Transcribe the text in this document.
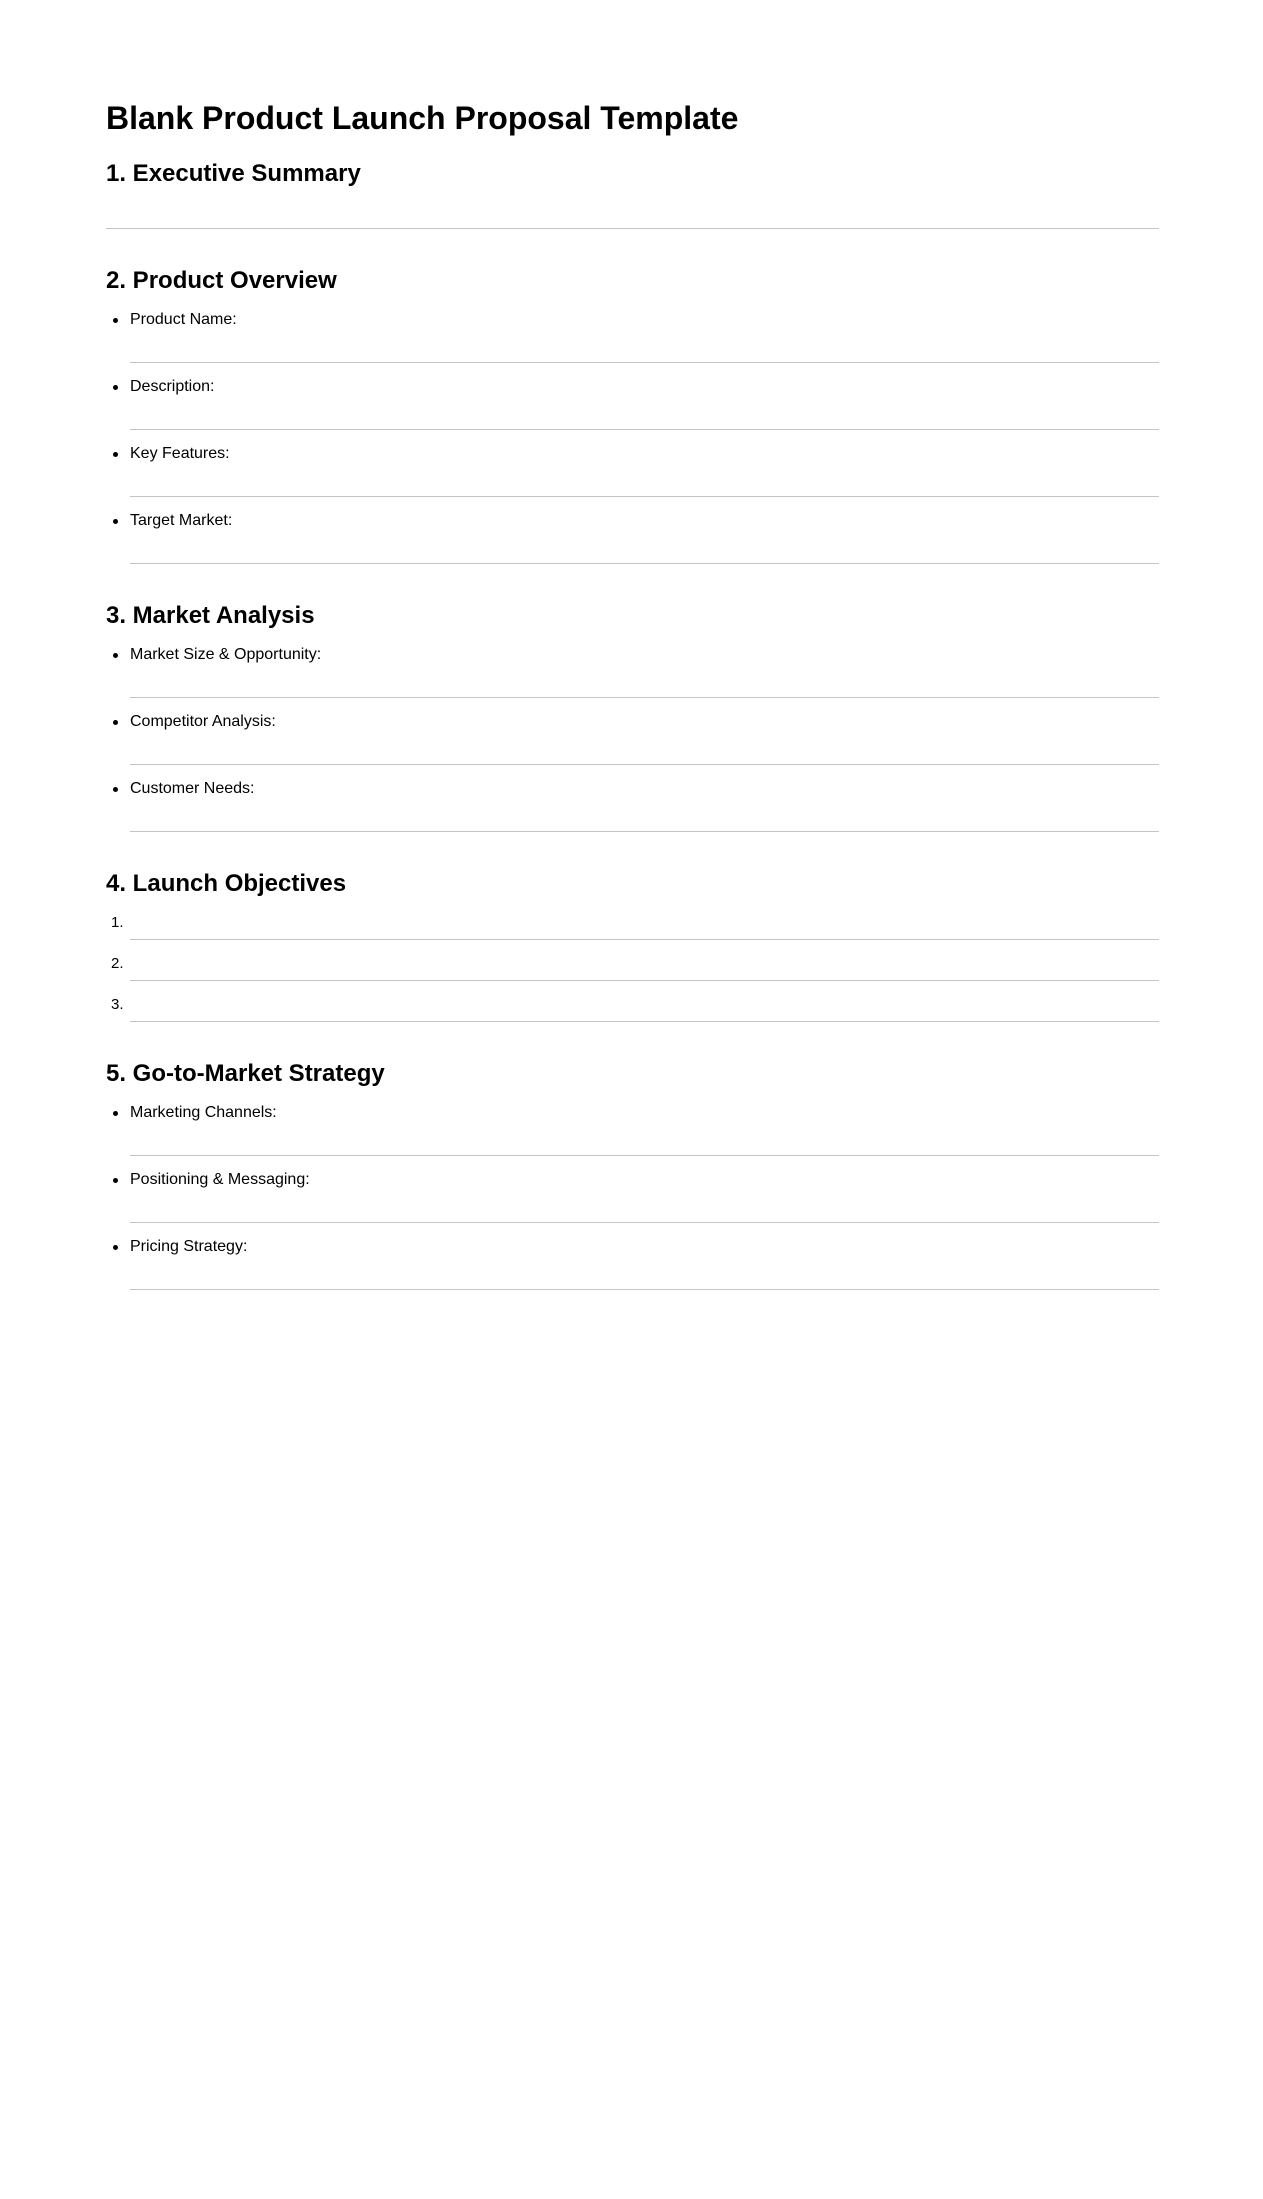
Blank Product Launch Proposal Template
1. Executive Summary
2. Product Overview
Product Name:
Description:
Key Features:
Target Market:
3. Market Analysis
Market Size & Opportunity:
Competitor Analysis:
Customer Needs:
4. Launch Objectives
1.
2.
3.
5. Go-to-Market Strategy
Marketing Channels:
Positioning & Messaging:
Pricing Strategy:
